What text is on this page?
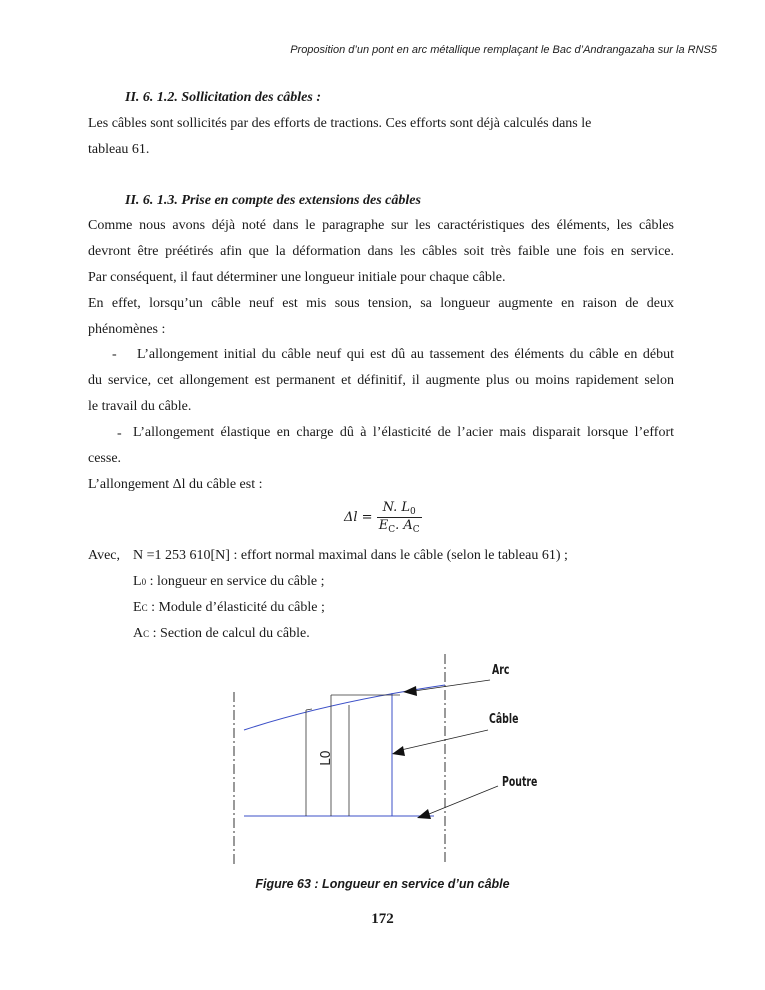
Proposition d’un pont en arc métallique remplaçant le Bac d’Andrangazaha sur la RNS5
II. 6. 1.2. Sollicitation des câbles :
Les câbles sont sollicités par des efforts de tractions. Ces efforts sont déjà calculés dans le
tableau 61.
II. 6. 1.3. Prise en compte des extensions des câbles
Comme nous avons déjà noté dans le paragraphe sur les caractéristiques des éléments, les câbles
devront être préétirés afin que la déformation dans les câbles soit très faible une fois en service.
Par conséquent, il faut déterminer une longueur initiale pour chaque câble.
En effet, lorsqu’un câble neuf est mis sous tension, sa longueur augmente en raison de deux
phénomènes :
- L’allongement initial du câble neuf qui est dû au tassement des éléments du câble en début
du service, cet allongement est permanent et définitif, il augmente plus ou moins rapidement selon
le travail du câble.
- L’allongement élastique en charge dû à l’élasticité de l’acier mais disparait lorsque l’effort
cesse.
L’allongement Δl du câble est :
$\Delta l = \frac{N. L_0}{E_C. A_C}$
Avec, N =1 253 610[N] : effort normal maximal dans le câble (selon le tableau 61) ;
L0 : longueur en service du câble ;
EC : Module d’élasticité du câble ;
AC : Section de calcul du câble.
L0
Arc
Câble
Poutre
Figure 63 : Longueur en service d’un câble
172
